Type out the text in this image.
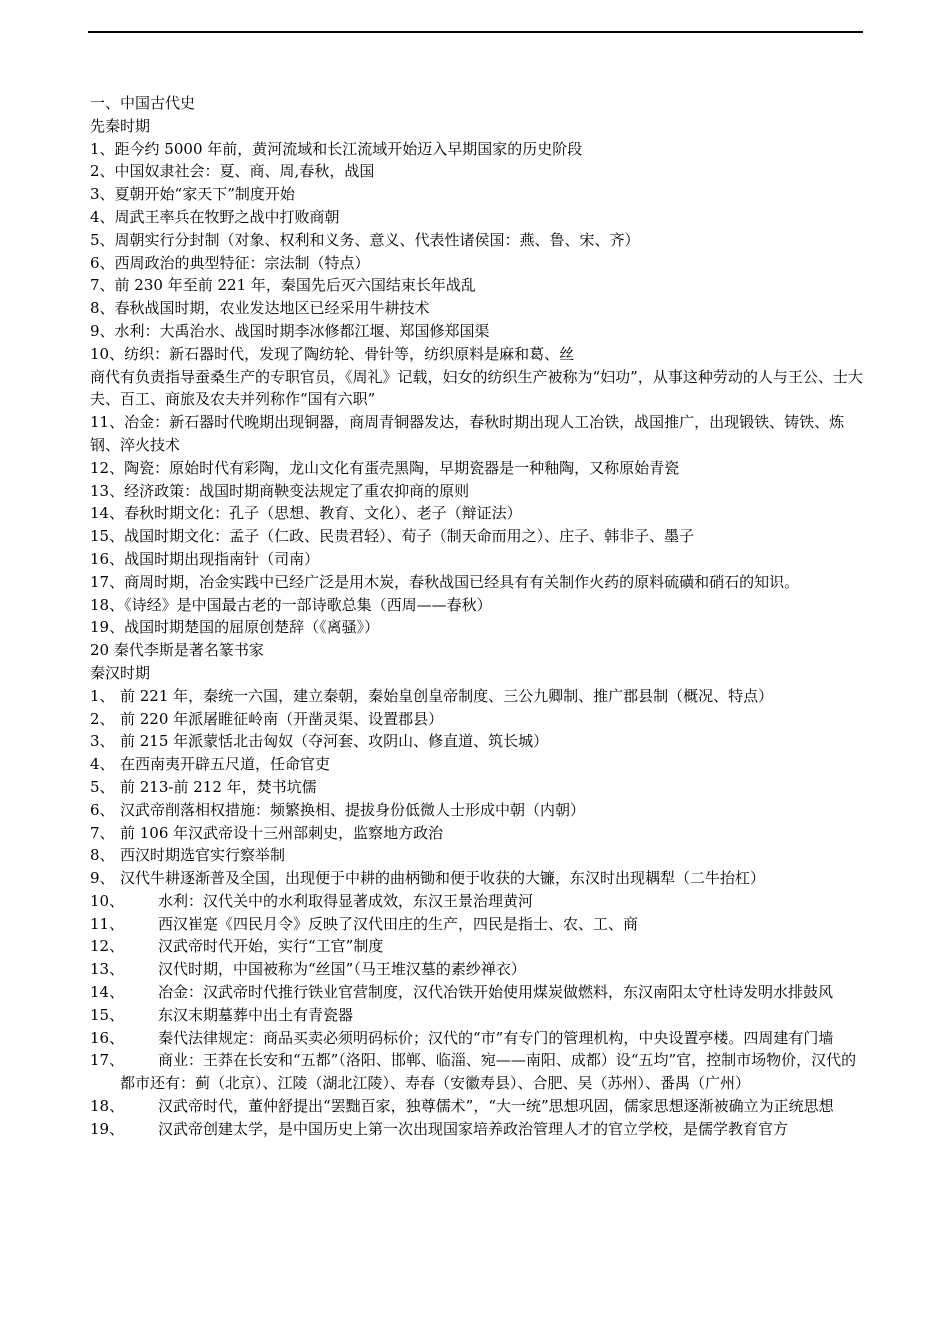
一、中国古代史
先秦时期
1、距今约 5000 年前，黄河流域和长江流域开始迈入早期国家的历史阶段
2、中国奴隶社会：夏、商、周,春秋，战国
3、夏朝开始“家天下”制度开始
4、周武王率兵在牧野之战中打败商朝
5、周朝实行分封制（对象、权利和义务、意义、代表性诸侯国：燕、鲁、宋、齐）
6、西周政治的典型特征：宗法制（特点）
7、前 230 年至前 221 年，秦国先后灭六国结束长年战乱
8、春秋战国时期，农业发达地区已经采用牛耕技术
9、水利：大禹治水、战国时期李冰修都江堰、郑国修郑国渠
10、纺织：新石器时代，发现了陶纺轮、骨针等，纺织原料是麻和葛、丝
商代有负责指导蚕桑生产的专职官员，《周礼》记载，妇女的纺织生产被称为“妇功”，从事这种劳动的人与王公、士大夫、百工、商旅及农夫并列称作“国有六职”
11、冶金：新石器时代晚期出现铜器，商周青铜器发达，春秋时期出现人工冶铁，战国推广，出现锻铁、铸铁、炼钢、淬火技术
12、陶瓷：原始时代有彩陶，龙山文化有蛋壳黑陶，早期瓷器是一种釉陶，又称原始青瓷
13、经济政策：战国时期商鞅变法规定了重农抑商的原则
14、春秋时期文化：孔子（思想、教育、文化）、老子（辩证法）
15、战国时期文化：孟子（仁政、民贵君轻）、荀子（制天命而用之）、庄子、韩非子、墨子
16、战国时期出现指南针（司南）
17、商周时期，冶金实践中已经广泛是用木炭，春秋战国已经具有有关制作火药的原料硫磺和硝石的知识。
18、《诗经》是中国最古老的一部诗歌总集（西周——春秋）
19、战国时期楚国的屈原创楚辞（《离骚》）
20 秦代李斯是著名篆书家
秦汉时期
1、 前 221 年，秦统一六国，建立秦朝，秦始皇创皇帝制度、三公九卿制、推广郡县制（概况、特点）
2、 前 220 年派屠睢征岭南（开凿灵渠、设置郡县）
3、 前 215 年派蒙恬北击匈奴（夺河套、攻阴山、修直道、筑长城）
4、 在西南夷开辟五尺道，任命官吏
5、 前 213-前 212 年，焚书坑儒
6、 汉武帝削落相权措施：频繁换相、提拔身份低微人士形成中朝（内朝）
7、 前 106 年汉武帝设十三州部刺史，监察地方政治
8、 西汉时期选官实行察举制
9、 汉代牛耕逐渐普及全国，出现便于中耕的曲柄锄和便于收获的大镰，东汉时出现耦犁（二牛抬杠）
10、	水利：汉代关中的水利取得显著成效，东汉王景治理黄河
11、	西汉崔寔《四民月令》反映了汉代田庄的生产，四民是指士、农、工、商
12、	汉武帝时代开始，实行“工官”制度
13、	汉代时期，中国被称为“丝国”（马王堆汉墓的素纱禅衣）
14、	冶金：汉武帝时代推行铁业官营制度，汉代冶铁开始使用煤炭做燃料，东汉南阳太守杜诗发明水排鼓风
15、	东汉末期墓葬中出土有青瓷器
16、	秦代法律规定：商品买卖必须明码标价；汉代的“市”有专门的管理机构，中央设置亭楼。四周建有门墙
17、	商业：王莽在长安和“五都”（洛阳、邯郸、临淄、宛——南阳、成都）设“五均”官，控制市场物价，汉代的都市还有：蓟（北京）、江陵（湖北江陵）、寿春（安徽寿县）、合肥、吴（苏州）、番禺（广州）
18、	汉武帝时代，董仲舒提出“罢黜百家，独尊儒术”，“大一统”思想巩固，儒家思想逐渐被确立为正统思想
19、	汉武帝创建太学，是中国历史上第一次出现国家培养政治管理人才的官立学校，是儒学教育官方
